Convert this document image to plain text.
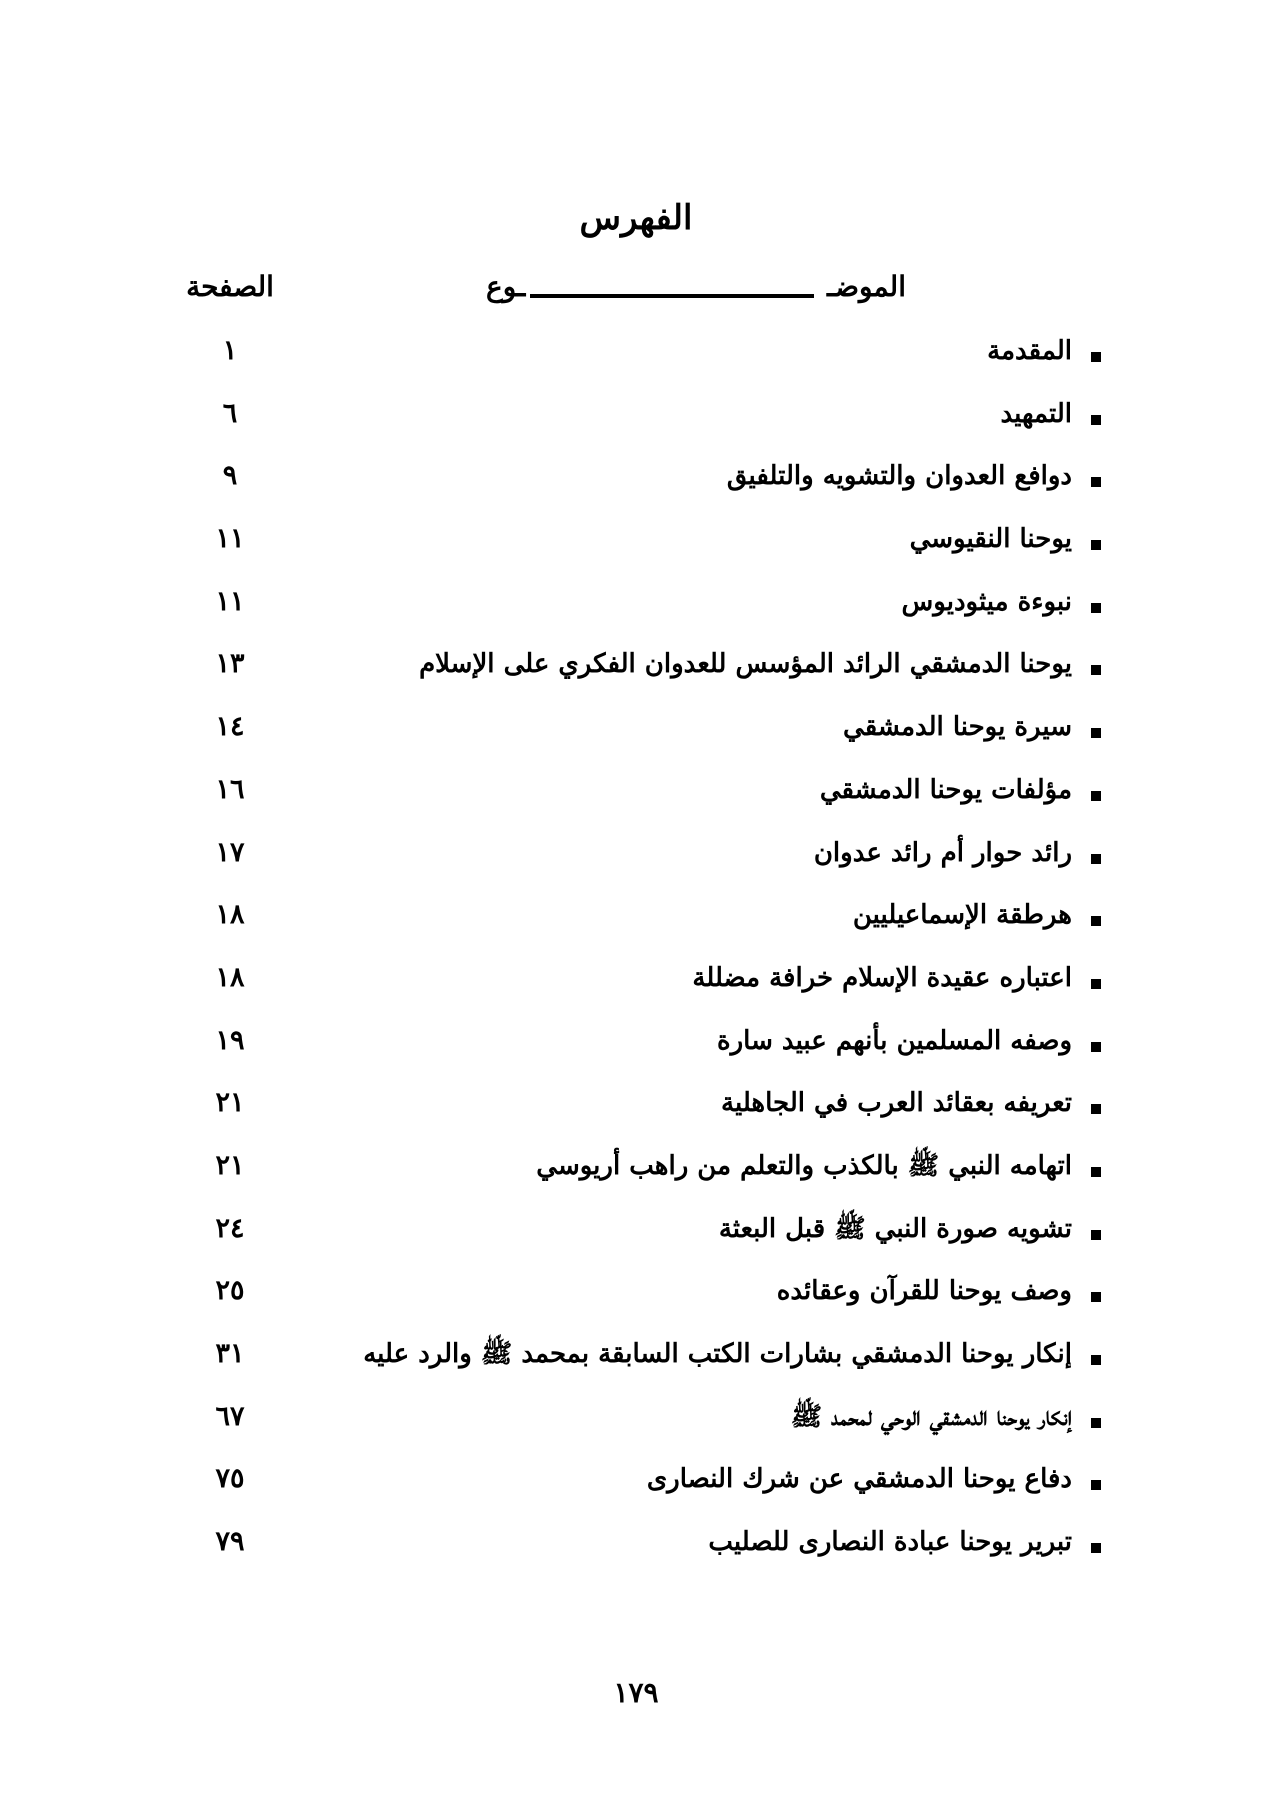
الفهرس
الموضـ
ـوع
الصفحة
المقدمة
١
التمهيد
٦
دوافع العدوان والتشويه والتلفيق
٩
يوحنا النقيوسي
١١
نبوءة ميثوديوس
١١
يوحنا الدمشقي الرائد المؤسس للعدوان الفكري على الإسلام
١٣
سيرة يوحنا الدمشقي
١٤
مؤلفات يوحنا الدمشقي
١٦
رائد حوار أم رائد عدوان
١٧
هرطقة الإسماعيليين
١٨
اعتباره عقيدة الإسلام خرافة مضللة
١٨
وصفه المسلمين بأنهم عبيد سارة
١٩
تعريفه بعقائد العرب في الجاهلية
٢١
اتهامه النبي ﷺ بالكذب والتعلم من راهب أريوسي
٢١
تشويه صورة النبي ﷺ قبل البعثة
٢٤
وصف يوحنا للقرآن وعقائده
٢٥
إنكار يوحنا الدمشقي بشارات الكتب السابقة بمحمد ﷺ والرد عليه
٣١
إنكار يوحنا الدمشقي الوحي لمحمد ﷺ
٦٧
دفاع يوحنا الدمشقي عن شرك النصارى
٧٥
تبرير يوحنا عبادة النصارى للصليب
٧٩
١٧٩
